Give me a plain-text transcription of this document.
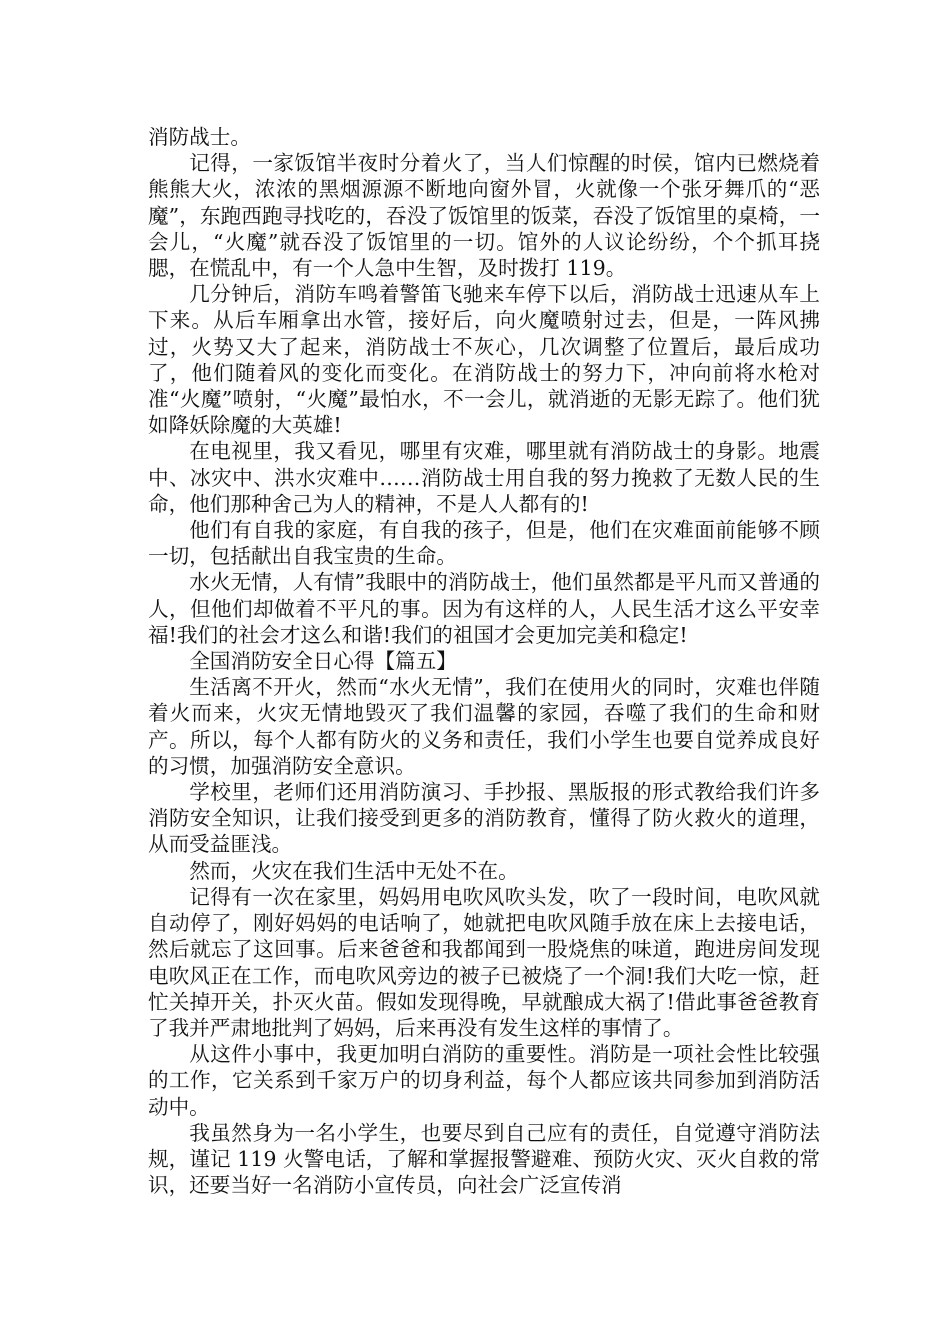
消防战士。

记得，一家饭馆半夜时分着火了，当人们惊醒的时侯，馆内已燃烧着熊熊大火，浓浓的黑烟源源不断地向窗外冒，火就像一个张牙舞爪的“恶魔”，东跑西跑寻找吃的，吞没了饭馆里的饭菜，吞没了饭馆里的桌椅，一会儿，“火魔”就吞没了饭馆里的一切。馆外的人议论纷纷，个个抓耳挠腮，在慌乱中，有一个人急中生智，及时拨打 119。

几分钟后，消防车鸣着警笛飞驰来车停下以后，消防战士迅速从车上下来。从后车厢拿出水管，接好后，向火魔喷射过去，但是，一阵风拂过，火势又大了起来，消防战士不灰心，几次调整了位置后，最后成功了，他们随着风的变化而变化。在消防战士的努力下，冲向前将水枪对准“火魔”喷射，“火魔”最怕水，不一会儿，就消逝的无影无踪了。他们犹如降妖除魔的大英雄!

在电视里，我又看见，哪里有灾难，哪里就有消防战士的身影。地震中、冰灾中、洪水灾难中……消防战士用自我的努力挽救了无数人民的生命，他们那种舍己为人的精神，不是人人都有的!

他们有自我的家庭，有自我的孩子，但是，他们在灾难面前能够不顾一切，包括献出自我宝贵的生命。

水火无情，人有情”我眼中的消防战士，他们虽然都是平凡而又普通的人，但他们却做着不平凡的事。因为有这样的人，人民生活才这么平安幸福!我们的社会才这么和谐!我们的祖国才会更加完美和稳定!

全国消防安全日心得【篇五】

生活离不开火，然而“水火无情”，我们在使用火的同时，灾难也伴随着火而来，火灾无情地毁灭了我们温馨的家园，吞噬了我们的生命和财产。所以，每个人都有防火的义务和责任，我们小学生也要自觉养成良好的习惯，加强消防安全意识。

学校里，老师们还用消防演习、手抄报、黑版报的形式教给我们许多消防安全知识，让我们接受到更多的消防教育，懂得了防火救火的道理，从而受益匪浅。

然而，火灾在我们生活中无处不在。

记得有一次在家里，妈妈用电吹风吹头发，吹了一段时间，电吹风就自动停了，刚好妈妈的电话响了，她就把电吹风随手放在床上去接电话，然后就忘了这回事。后来爸爸和我都闻到一股烧焦的味道，跑进房间发现电吹风正在工作，而电吹风旁边的被子已被烧了一个洞!我们大吃一惊，赶忙关掉开关，扑灭火苗。假如发现得晚，早就酿成大祸了!借此事爸爸教育了我并严肃地批判了妈妈，后来再没有发生这样的事情了。

从这件小事中，我更加明白消防的重要性。消防是一项社会性比较强的工作，它关系到千家万户的切身利益，每个人都应该共同参加到消防活动中。

我虽然身为一名小学生，也要尽到自己应有的责任，自觉遵守消防法规，谨记 119 火警电话，了解和掌握报警避难、预防火灾、灭火自救的常识，还要当好一名消防小宣传员，向社会广泛宣传消
